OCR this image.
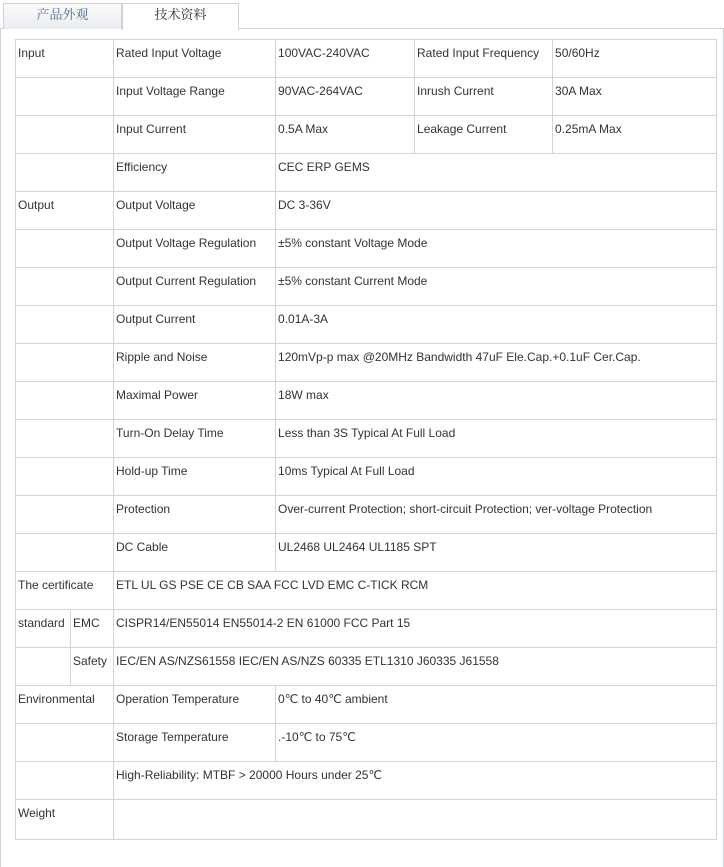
产品外观	技术资料
Input		Rated Input Voltage	100VAC-240VAC	Rated Input Frequency	50/60Hz
		Input Voltage Range	90VAC-264VAC	Inrush Current	30A Max
		Input Current	0.5A Max	Leakage Current	0.25mA Max
		Efficiency	CEC ERP GEMS		
Output		Output Voltage	DC 3-36V		
		Output Voltage Regulation	±5% constant Voltage Mode		
		Output Current Regulation	±5% constant Current Mode		
		Output Current	0.01A-3A		
		Ripple and Noise	120mVp-p max @20MHz Bandwidth 47uF Ele.Cap.+0.1uF Cer.Cap.		
		Maximal Power	18W max		
		Turn-On Delay Time	Less than 3S Typical At Full Load		
		Hold-up Time	10ms Typical At Full Load		
		Protection	Over-current Protection; short-circuit Protection; ver-voltage Protection		
		DC Cable	UL2468 UL2464 UL1185 SPT		
The certificate		ETL UL GS PSE CE CB SAA FCC LVD EMC C-TICK RCM			
standard	EMC	CISPR14/EN55014 EN55014-2 EN 61000 FCC Part 15			
	Safety	IEC/EN AS/NZS61558 IEC/EN AS/NZS 60335 ETL1310 J60335 J61558			
Environmental		Operation Temperature	0℃ to 40℃ ambient		
		Storage Temperature	.-10℃ to 75℃		
		High-Reliability: MTBF > 20000 Hours under 25℃			
Weight					
